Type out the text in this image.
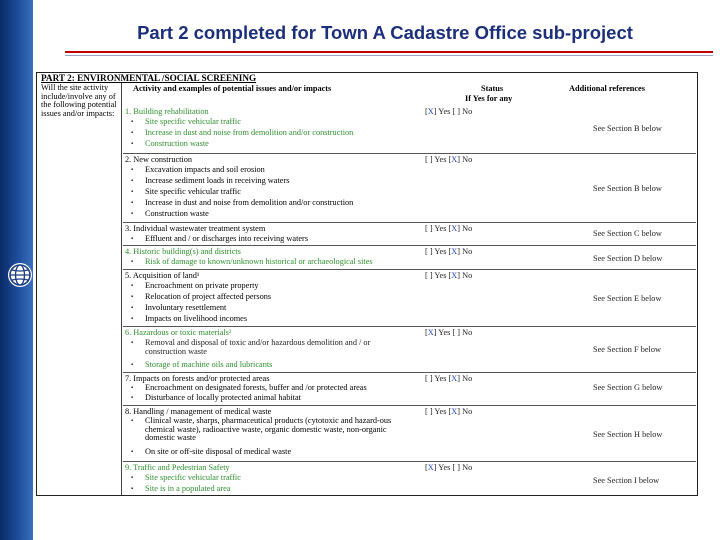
Part 2 completed for Town A Cadastre Office sub-project
PART 2: ENVIRONMENTAL /SOCIAL SCREENING
Activity and examples of potential issues and/or impacts	Status
If Yes for any
Additional references
Will the site activity include/involve any of the following potential issues and/or impacts:	1. Building rehabilitation	[X] Yes [ ] No
▪ Site specific vehicular traffic
▪ Increase in dust and noise from demolition and/or construction
▪ Construction waste
See Section B below
2. New construction	[ ] Yes [X] No
▪ Excavation impacts and soil erosion
▪ Increase sediment loads in receiving waters
▪ Site specific vehicular traffic
▪ Increase in dust and noise from demolition and/or construction
▪ Construction waste
See Section B below
3. Individual wastewater treatment system	[ ] Yes [X] No
▪ Effluent and / or discharges into receiving waters
See Section C below
4. Historic building(s) and districts	[ ] Yes [X] No
▪ Risk of damage to known/unknown historical or archaeological sites	See Section D below
5. Acquisition of land¹	[ ] Yes [X] No
▪ Encroachment on private property
▪ Relocation of project affected persons
▪ Involuntary resettlement
▪ Impacts on livelihood incomes
See Section E below
6. Hazardous or toxic materials²	[X] Yes [ ] No
▪ Removal and disposal of toxic and/or hazardous demolition and / or construction waste
▪ Storage of machine oils and lubricants
See Section F below
7. Impacts on forests and/or protected areas	[ ] Yes [X] No
▪ Encroachment on designated forests, buffer and /or protected areas
▪ Disturbance of locally protected animal habitat
See Section G below
8. Handling / management of medical waste	[ ] Yes [X] No
▪ Clinical waste, sharps, pharmaceutical products (cytotoxic and hazard-ous chemical waste), radioactive waste, organic domestic waste, non-organic domestic waste
▪ On site or off-site disposal of medical waste
See Section H below
9. Traffic and Pedestrian Safety	[X] Yes [ ] No
▪ Site specific vehicular traffic
▪ Site is in a populated area
See Section I below
